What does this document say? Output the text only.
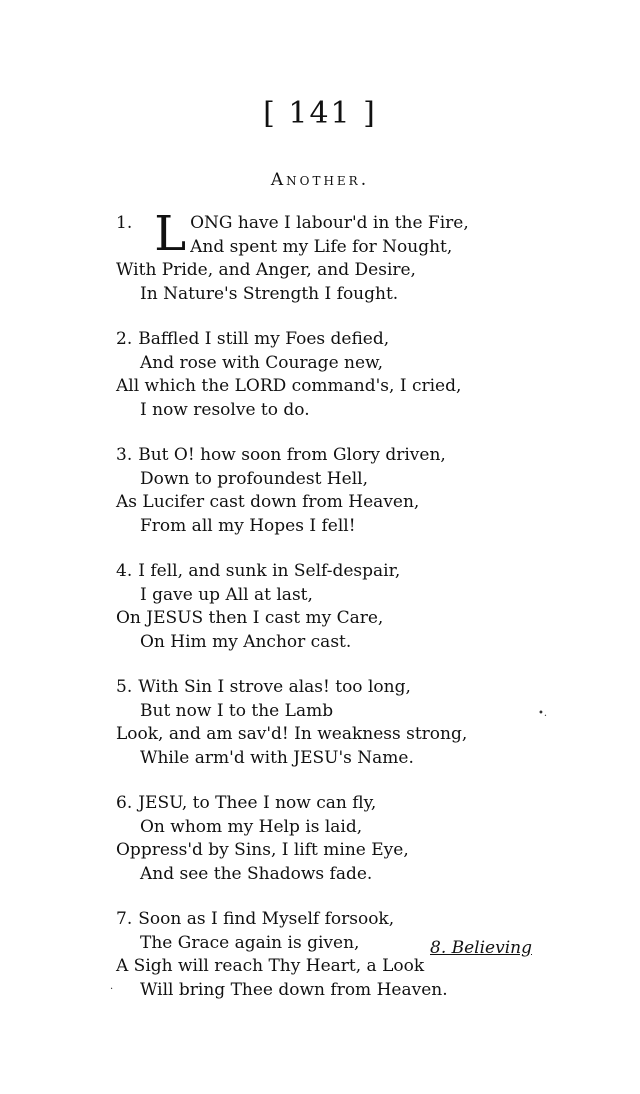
[ 141 ]
Another.
1. L ONG have I labour'd in the Fire,
And spent my Life for Nought,
With Pride, and Anger, and Desire,
In Nature's Strength I fought.
2. Baffled I still my Foes defied,
And rose with Courage new,
All which the LORD command's, I cried,
I now resolve to do.
3. But O! how soon from Glory driven,
Down to profoundest Hell,
As Lucifer cast down from Heaven,
From all my Hopes I fell!
4. I fell, and sunk in Self-despair,
I gave up All at last,
On JESUS then I cast my Care,
On Him my Anchor cast.
5. With Sin I strove alas! too long,
But now I to the Lamb
Look, and am sav'd! In weakness strong,
While arm'd with JESU's Name.
6. JESU, to Thee I now can fly,
On whom my Help is laid,
Oppress'd by Sins, I lift mine Eye,
And see the Shadows fade.
7. Soon as I find Myself forsook,
The Grace again is given,
A Sigh will reach Thy Heart, a Look
Will bring Thee down from Heaven.
8. Believing
•.
·
